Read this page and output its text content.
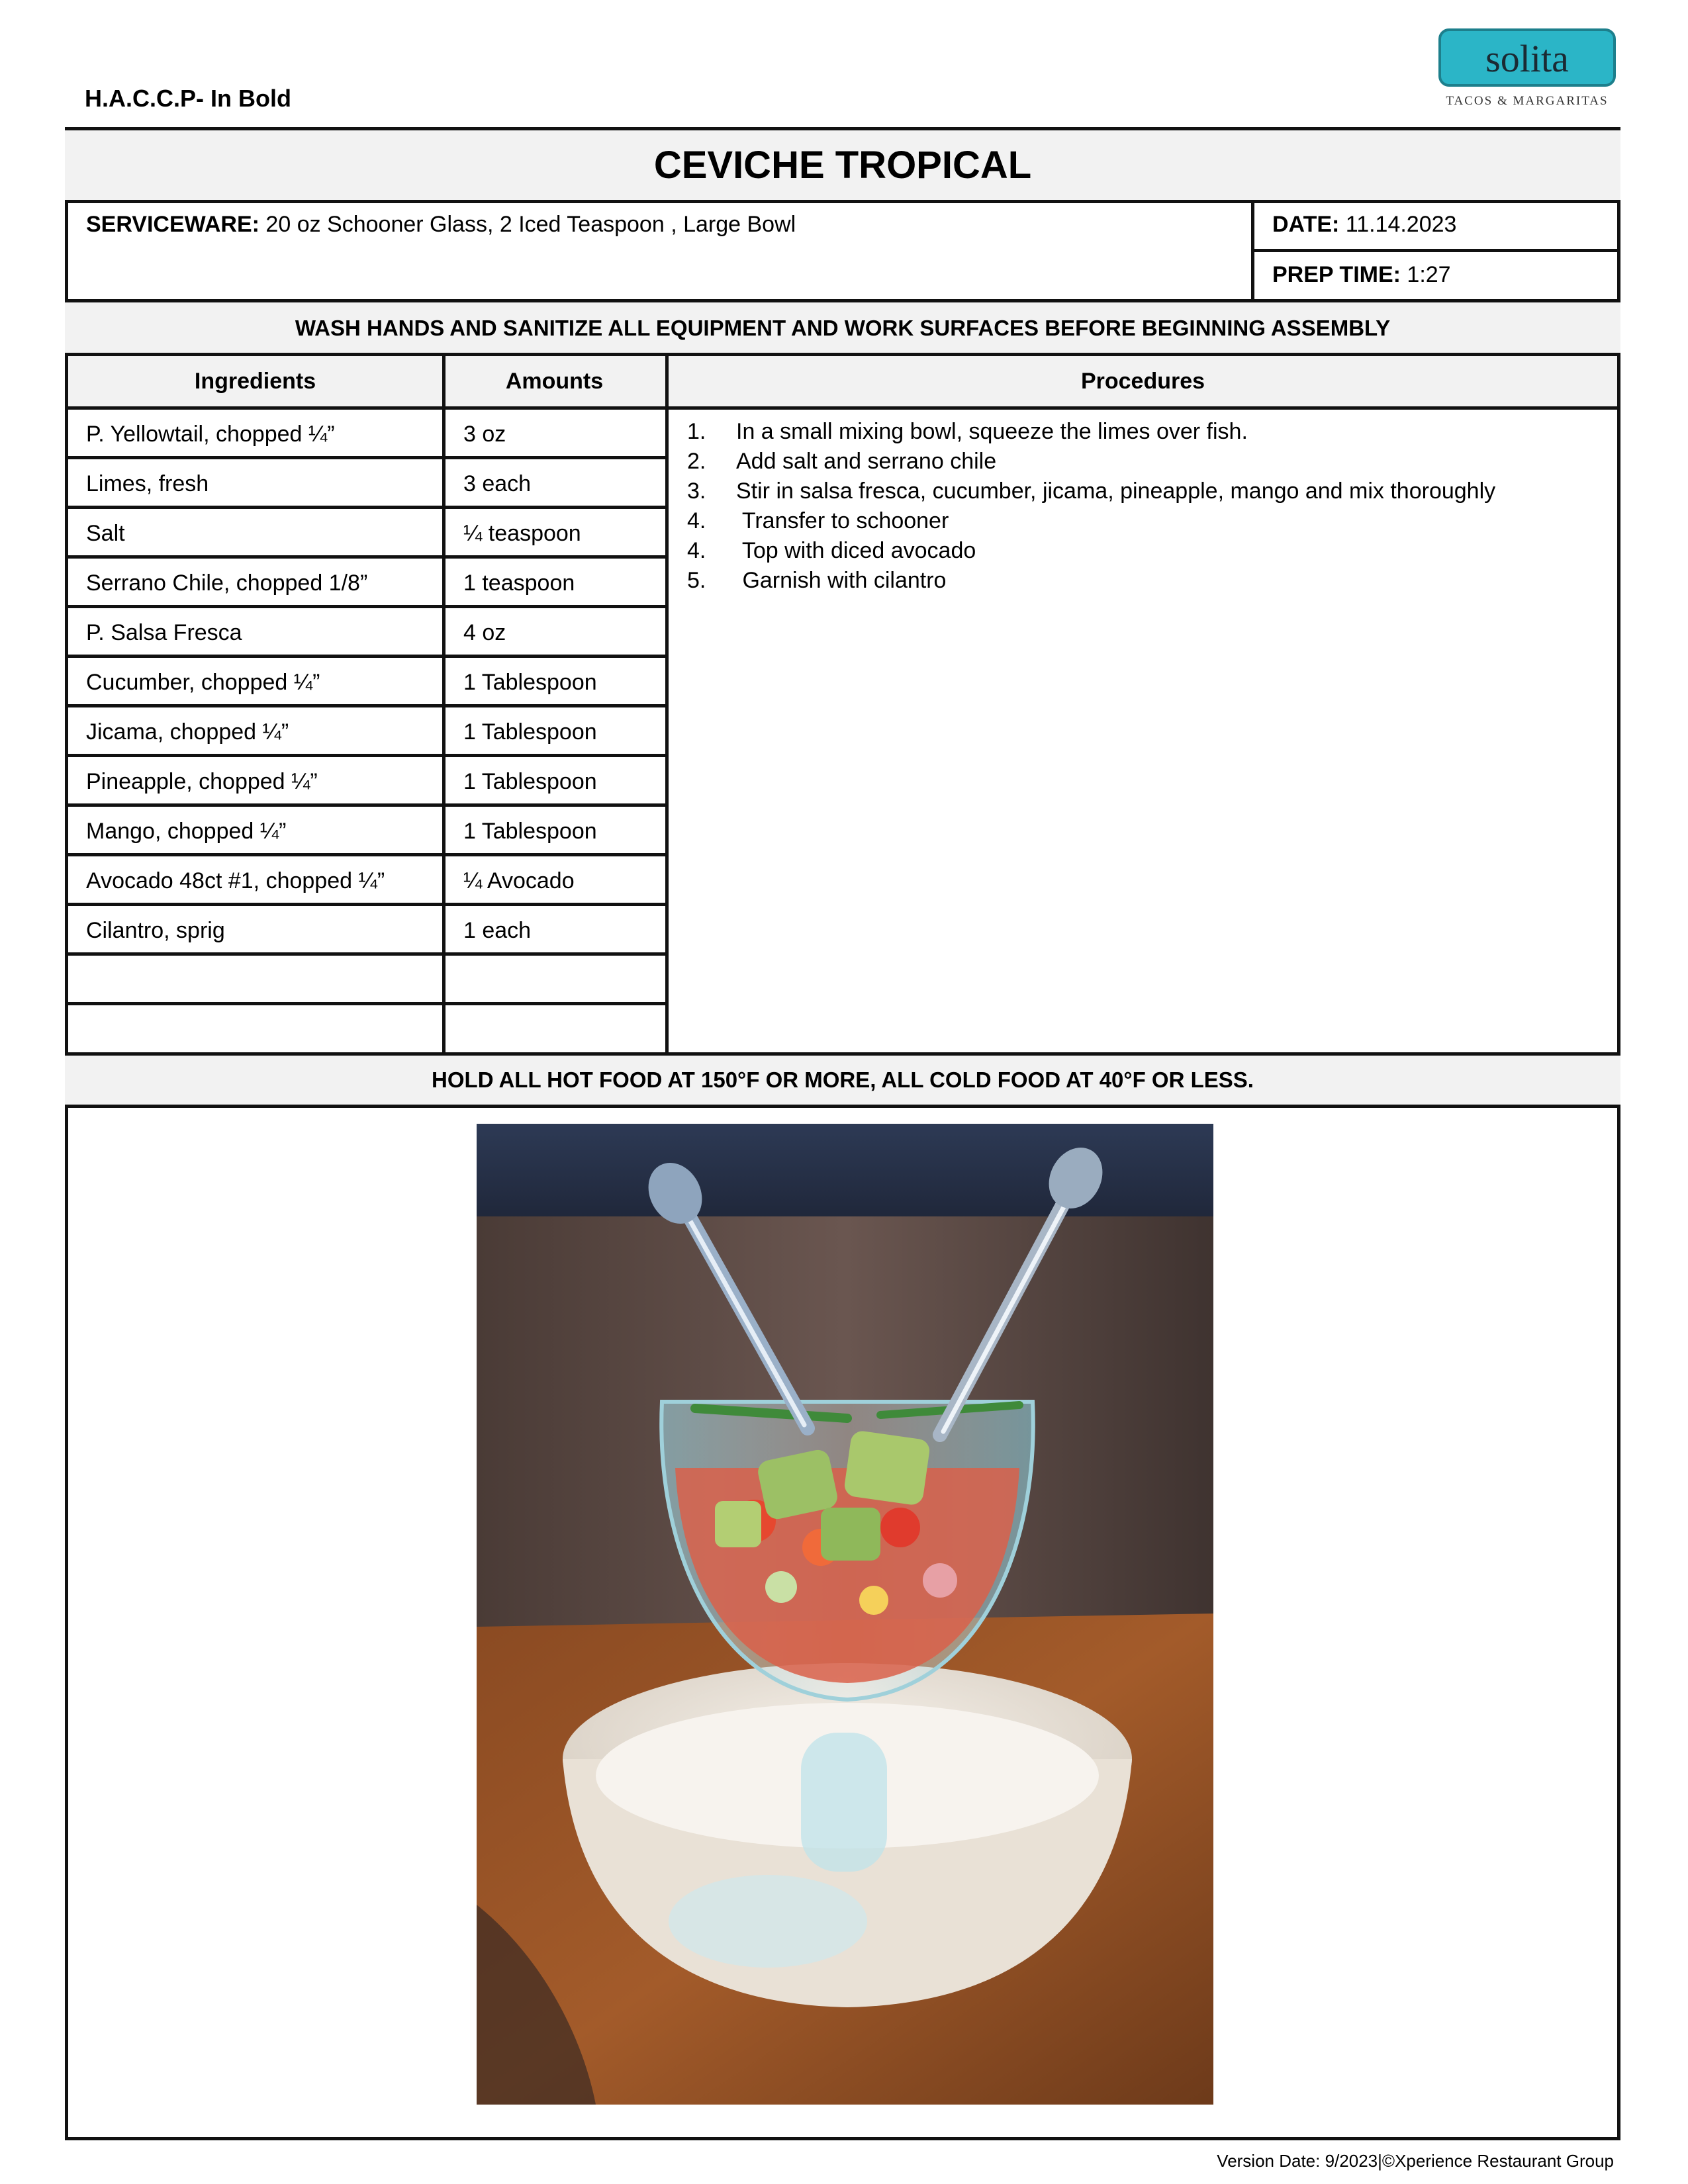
H.A.C.C.P- In Bold
solita
TACOS & MARGARITAS
CEVICHE TROPICAL
SERVICEWARE: 20 oz Schooner Glass, 2 Iced Teaspoon , Large Bowl	DATE: 11.14.2023
PREP TIME: 1:27
WASH HANDS AND SANITIZE ALL EQUIPMENT AND WORK SURFACES BEFORE BEGINNING ASSEMBLY
Ingredients	Amounts	Procedures
P. Yellowtail, chopped ¼”	3 oz
Limes, fresh	3 each
Salt	¼ teaspoon
Serrano Chile, chopped 1/8”	1 teaspoon
P. Salsa Fresca	4 oz
Cucumber, chopped ¼”	1 Tablespoon
Jicama, chopped ¼”	1 Tablespoon
Pineapple, chopped ¼”	1 Tablespoon
Mango, chopped ¼”	1 Tablespoon
Avocado 48ct #1, chopped ¼”	¼ Avocado
Cilantro, sprig	1 each
1. In a small mixing bowl, squeeze the limes over fish.
2. Add salt and serrano chile
3. Stir in salsa fresca, cucumber, jicama, pineapple, mango and mix thoroughly
4. Transfer to schooner
4. Top with diced avocado
5. Garnish with cilantro
HOLD ALL HOT FOOD AT 150°F OR MORE, ALL COLD FOOD AT 40°F OR LESS.
Version Date: 9/2023|©Xperience Restaurant Group
